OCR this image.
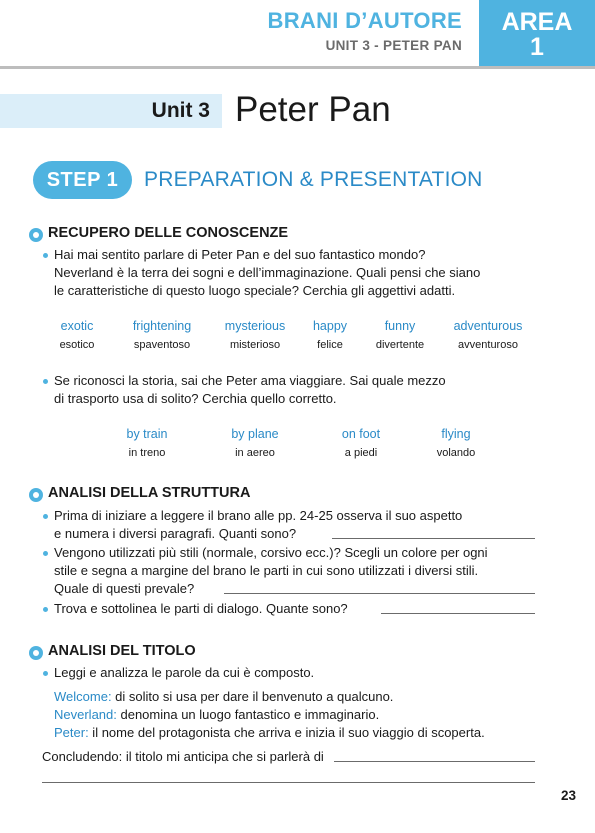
BRANI D’AUTORE
UNIT 3 - PETER PAN
AREA
1
Unit 3 Peter Pan
STEP 1	PREPARATION & PRESENTATION
RECUPERO DELLE CONOSCENZE
Hai mai sentito parlare di Peter Pan e del suo fantastico mondo?
Neverland è la terra dei sogni e dell’immaginazione. Quali pensi che siano
le caratteristiche di questo luogo speciale? Cerchia gli aggettivi adatti.
exotic
esotico
frightening
spaventoso
mysterious
misterioso
happy
felice
funny
divertente
adventurous
avventuroso
Se riconosci la storia, sai che Peter ama viaggiare. Sai quale mezzo
di trasporto usa di solito? Cerchia quello corretto.
by train
in treno
by plane
in aereo
on foot
a piedi
flying
volando
ANALISI DELLA STRUTTURA
Prima di iniziare a leggere il brano alle pp. 24-25 osserva il suo aspetto
e numera i diversi paragrafi. Quanti sono?
Vengono utilizzati più stili (normale, corsivo ecc.)? Scegli un colore per ogni
stile e segna a margine del brano le parti in cui sono utilizzati i diversi stili.
Quale di questi prevale?
Trova e sottolinea le parti di dialogo. Quante sono?
ANALISI DEL TITOLO
Leggi e analizza le parole da cui è composto.
Welcome: di solito si usa per dare il benvenuto a qualcuno.
Neverland: denomina un luogo fantastico e immaginario.
Peter: il nome del protagonista che arriva e inizia il suo viaggio di scoperta.
Concludendo: il titolo mi anticipa che si parlerà di
23
